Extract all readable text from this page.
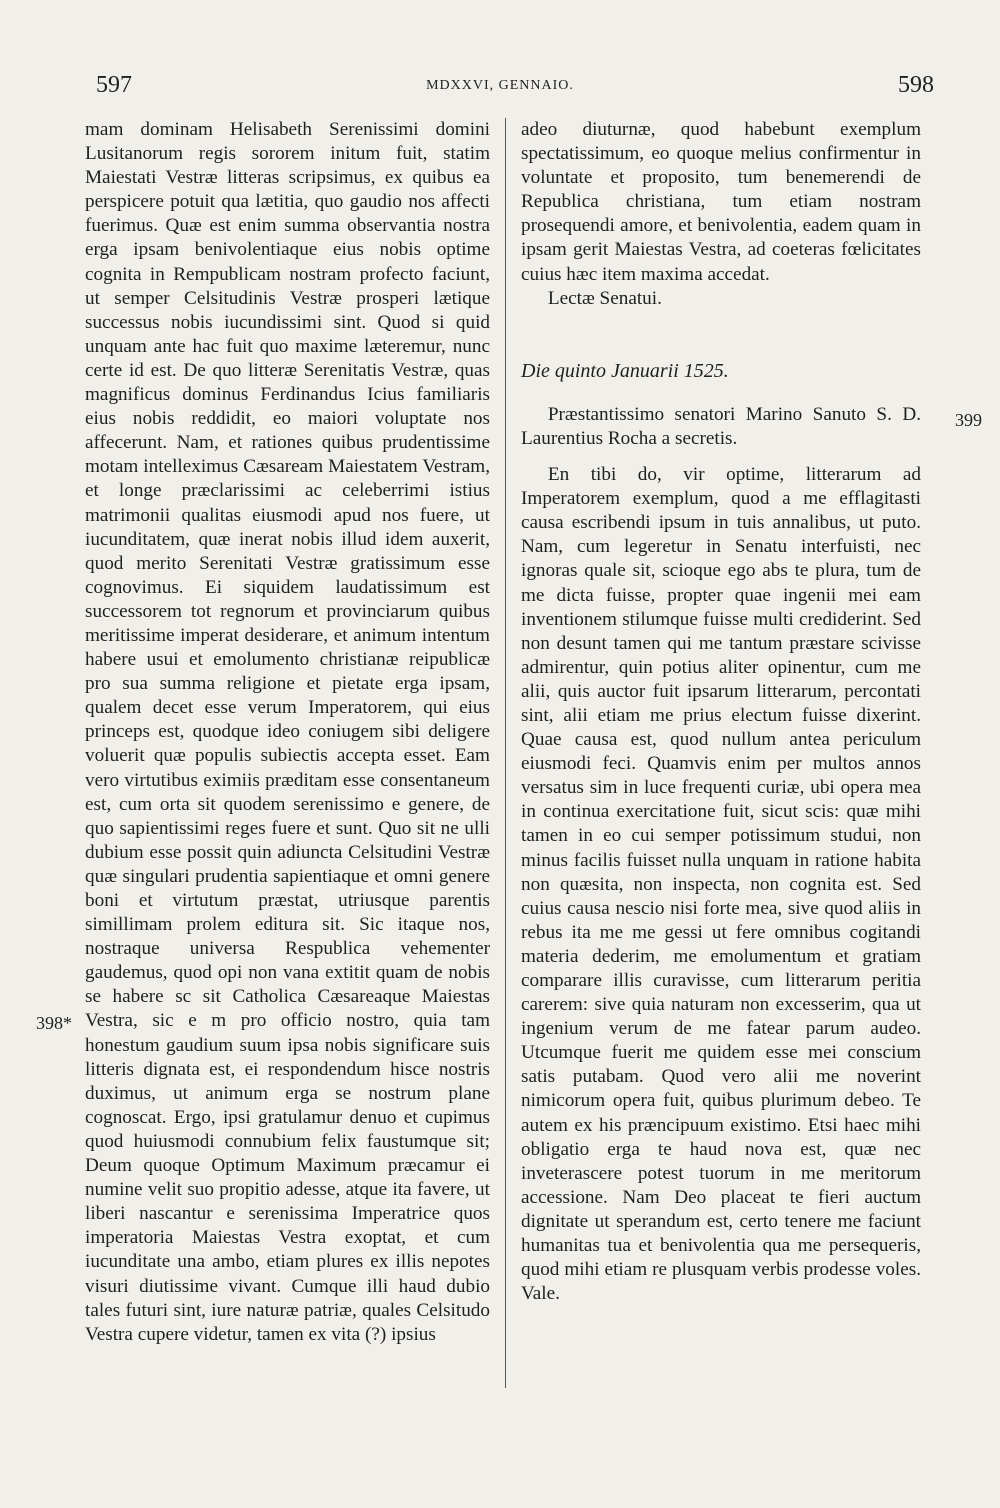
597	MDXXVI, GENNAIO.	598

mam dominam Helisabeth Serenissimi domini Lusitanorum regis sororem initum fuit, statim Maiestati Vestræ litteras scripsimus, ex quibus ea perspicere potuit qua lætitia, quo gaudio nos affecti fuerimus. Quæ est enim summa observantia nostra erga ipsam benivolentiaque eius nobis optime cognita in Rempublicam nostram profecto faciunt, ut semper Celsitudinis Vestræ prosperi lætique successus nobis iucundissimi sint. Quod si quid unquam ante hac fuit quo maxime læteremur, nunc certe id est. De quo litteræ Serenitatis Vestræ, quas magnificus dominus Ferdinandus Icius familiaris eius nobis reddidit, eo maiori voluptate nos affecerunt. Nam, et rationes quibus prudentissime motam intelleximus Cæsaream Maiestatem Vestram, et longe præclarissimi ac celeberrimi istius matrimonii qualitas eiusmodi apud nos fuere, ut iucunditatem, quæ inerat nobis illud idem auxerit, quod merito Serenitati Vestræ gratissimum esse cognovimus. Ei siquidem laudatissimum est successorem tot regnorum et provinciarum quibus meritissime imperat desiderare, et animum intentum habere usui et emolumento christianæ reipublicæ pro sua summa religione et pietate erga ipsam, qualem decet esse verum Imperatorem, qui eius princeps est, quodque ideo coniugem sibi deligere voluerit quæ populis subiectis accepta esset. Eam vero virtutibus eximiis præditam esse consentaneum est, cum orta sit quodem serenissimo e genere, de quo sapientissimi reges fuere et sunt. Quo sit ne ulli dubium esse possit quin adiuncta Celsitudini Vestræ quæ singulari prudentia sapientiaque et omni genere boni et virtutum præstat, utriusque parentis simillimam prolem editura sit. Sic itaque nos, nostraque universa Respublica vehementer gaudemus, quod opi non vana extitit quam de nobis se habere sc sit Catholica Cæsareaque Maiestas Vestra, sic e m pro officio nostro, quia tam honestum gaudium suum ipsa nobis significare suis litteris dignata est, ei respondendum hisce nostris duximus, ut animum erga se nostrum plane cognoscat. Ergo, ipsi gratulamur denuo et cupimus quod huiusmodi connubium felix faustumque sit; Deum quoque Optimum Maximum præcamur ei numine velit suo propitio adesse, atque ita favere, ut liberi nascantur e serenissima Imperatrice quos imperatoria Maiestas Vestra exoptat, et cum iucunditate una ambo, etiam plures ex illis nepotes visuri diutissime vivant. Cumque illi haud dubio tales futuri sint, iure naturæ patriæ, quales Celsitudo Vestra cupere videtur, tamen ex vita (?) ipsius

adeo diuturnæ, quod habebunt exemplum spectatissimum, eo quoque melius confirmentur in voluntate et proposito, tum benemerendi de Republica christiana, tum etiam nostram prosequendi amore, et benivolentia, eadem quam in ipsam gerit Maiestas Vestra, ad coeteras fœlicitates cuius hæc item maxima accedat.

Lectæ Senatui.

Die quinto Januarii 1525.

Præstantissimo senatori Marino Sanuto S. D. Laurentius Rocha a secretis.

En tibi do, vir optime, litterarum ad Imperatorem exemplum, quod a me efflagitasti causa escribendi ipsum in tuis annalibus, ut puto. Nam, cum legeretur in Senatu interfuisti, nec ignoras quale sit, scioque ego abs te plura, tum de me dicta fuisse, propter quae ingenii mei eam inventionem stilumque fuisse multi crediderint. Sed non desunt tamen qui me tantum præstare scivisse admirentur, quin potius aliter opinentur, cum me alii, quis auctor fuit ipsarum litterarum, percontati sint, alii etiam me prius electum fuisse dixerint. Quae causa est, quod nullum antea periculum eiusmodi feci. Quamvis enim per multos annos versatus sim in luce frequenti curiæ, ubi opera mea in continua exercitatione fuit, sicut scis: quæ mihi tamen in eo cui semper potissimum studui, non minus facilis fuisset nulla unquam in ratione habita non quæsita, non inspecta, non cognita est. Sed cuius causa nescio nisi forte mea, sive quod aliis in rebus ita me me gessi ut fere omnibus cogitandi materia dederim, me emolumentum et gratiam comparare illis curavisse, cum litterarum peritia carerem: sive quia naturam non excesserim, qua ut ingenium verum de me fatear parum audeo. Utcumque fuerit me quidem esse mei conscium satis putabam. Quod vero alii me noverint nimicorum opera fuit, quibus plurimum debeo. Te autem ex his præncipuum existimo. Etsi haec mihi obligatio erga te haud nova est, quæ nec inveterascere potest tuorum in me meritorum accessione. Nam Deo placeat te fieri auctum dignitate ut sperandum est, certo tenere me faciunt humanitas tua et benivolentia qua me persequeris, quod mihi etiam re plusquam verbis prodesse voles. Vale.

398*
399
